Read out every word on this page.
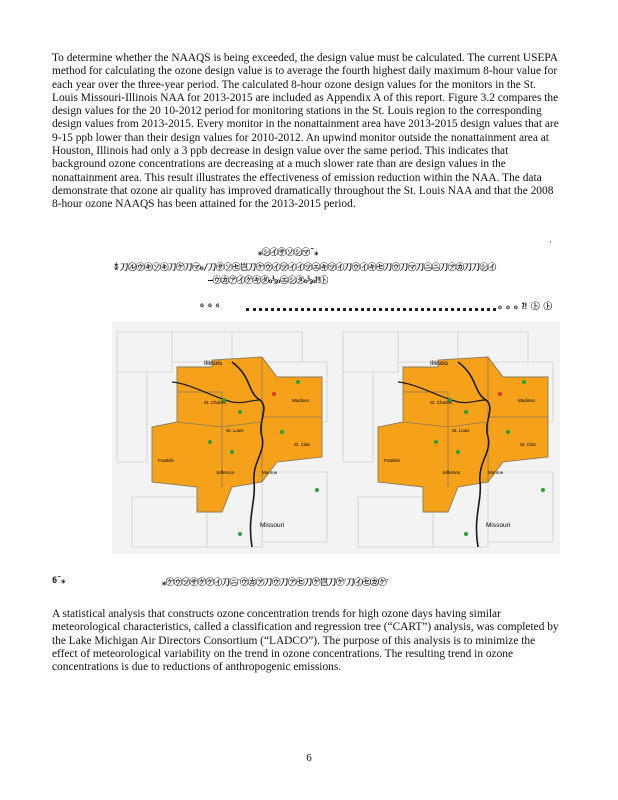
To determine whether the NAAQS is being exceeded, the design value must be calculated. The current USEPA method for calculating the ozone design value is to average the fourth highest daily maximum 8-hour value for each year over the three-year period. The calculated 8-hour ozone design values for the monitors in the St. Louis Missouri-Illinois NAA for 2013-2015 are included as Appendix A of this report. Figure 3.2 compares the design values for the 20 10-2012 period for monitoring stations in the St. Louis region to the corresponding design values from 2013-2015. Every monitor in the nonattainment area have 2013-2015 design values that are 9-15 ppb lower than their design values for 2010-2012. An upwind monitor outside the nonattainment area at Houston, Illinois had only a 3 ppb decrease in design value over the same period. This indicates that background ozone concentrations are decreasing at a much slower rate than are design values in the nonattainment area. This result illustrates the effectiveness of emission reduction within the NAA. The data demonstrate that ozone air quality has improved dramatically throughout the St. Louis NAA and that the 2008 8-hour ozone NAAQS has been attained for the 2013-2015 period.

ˋ
⁎㋛㋑㋚㋞㋛㋮¯⁎
⁑刀㋸㋒㋖㋞㋖刀㋘刀㋮ℴ/刀㋚㋞㋝岂刀㋘㋒㋑㋡㋑㋑㋡㋓㋖㋡㋑刀㋒㋑㋖㋝刀㋒刀㋮刀㋥㋥刀㋐㋕刀刀㋛㋑
–㋒㋕㋐㋑㋘㋖㋟ℴ⅓ℴ㋓㋛㋟ℴ⅓ℴ⁈㋣
ℴ ℴ ℴ	ℴ ℴ ℴ ⁈ ㋣ ㋣
Illinois
Missouri
St. Charles
St. Louis
Madison
St. Clair
Franklin
Jefferson	Monroe
Illinois
Missouri
St. Charles
St. Louis
Madison
St. Clair
Franklin
Jefferson	Monroe
6¯⁎	⁎㋘㋒㋡㋚㋘㋘㋑刀㋥ˋ㋒㋕㋐刀㋒刀㋐㋝刀㋘岂刀㋘ˋ刀㋑㋝㋕㋘ˋ

A statistical analysis that constructs ozone concentration trends for high ozone days having similar meteorological characteristics, called a classification and regression tree (“CART”) analysis, was completed by the Lake Michigan Air Directors Consortium (“LADCO”). The purpose of this analysis is to minimize the effect of meteorological variability on the trend in ozone concentrations. The resulting trend in ozone concentrations is due to reductions of anthropogenic emissions.

6
